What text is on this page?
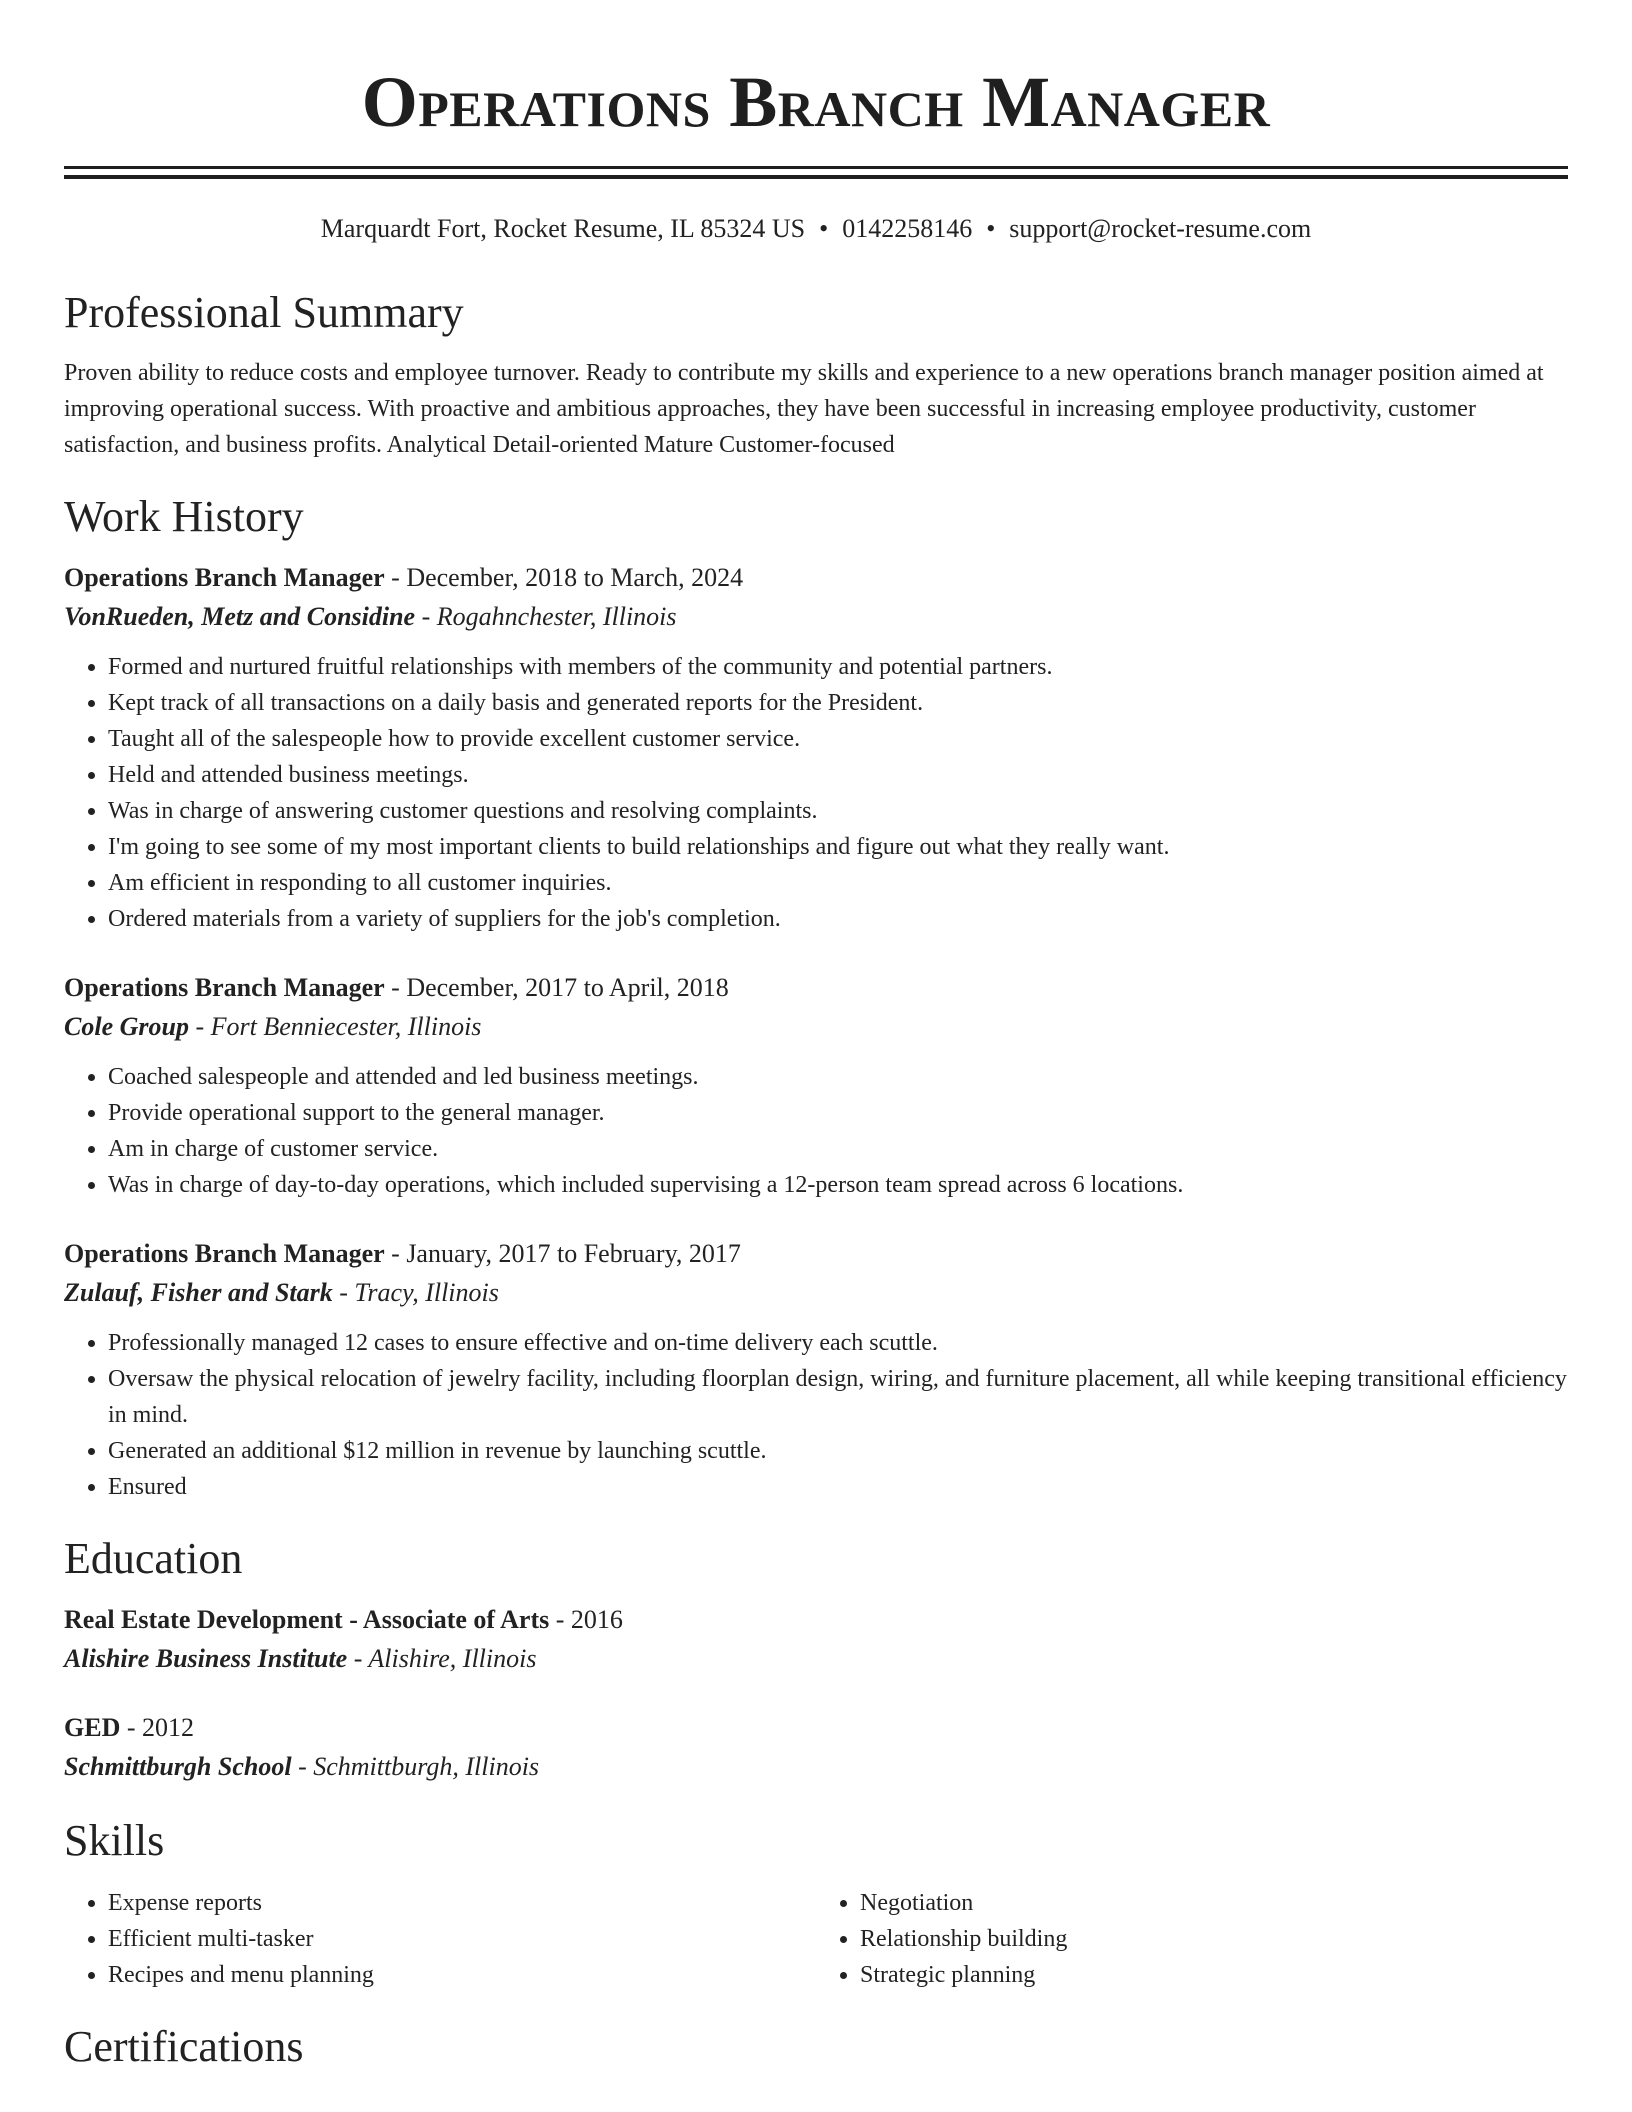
Operations Branch Manager
Marquardt Fort, Rocket Resume, IL 85324 US • 0142258146 • support@rocket-resume.com
Professional Summary

Proven ability to reduce costs and employee turnover. Ready to contribute my skills and experience to a new operations branch manager position aimed at improving operational success. With proactive and ambitious approaches, they have been successful in increasing employee productivity, customer satisfaction, and business profits. Analytical Detail-oriented Mature Customer-focused

Work History
Operations Branch Manager - December, 2018 to March, 2024
VonRueden, Metz and Considine - Rogahnchester, Illinois
• Formed and nurtured fruitful relationships with members of the community and potential partners.
• Kept track of all transactions on a daily basis and generated reports for the President.
• Taught all of the salespeople how to provide excellent customer service.
• Held and attended business meetings.
• Was in charge of answering customer questions and resolving complaints.
• I'm going to see some of my most important clients to build relationships and figure out what they really want.
• Am efficient in responding to all customer inquiries.
• Ordered materials from a variety of suppliers for the job's completion.
Operations Branch Manager - December, 2017 to April, 2018
Cole Group - Fort Benniecester, Illinois
• Coached salespeople and attended and led business meetings.
• Provide operational support to the general manager.
• Am in charge of customer service.
• Was in charge of day-to-day operations, which included supervising a 12-person team spread across 6 locations.
Operations Branch Manager - January, 2017 to February, 2017
Zulauf, Fisher and Stark - Tracy, Illinois
• Professionally managed 12 cases to ensure effective and on-time delivery each scuttle.
• Oversaw the physical relocation of jewelry facility, including floorplan design, wiring, and furniture placement, all while keeping transitional efficiency in mind.
• Generated an additional $12 million in revenue by launching scuttle.
• Ensured
Education
Real Estate Development - Associate of Arts - 2016
Alishire Business Institute - Alishire, Illinois
GED - 2012
Schmittburgh School - Schmittburgh, Illinois
Skills
• Expense reports
• Efficient multi-tasker
• Recipes and menu planning
• Negotiation
• Relationship building
• Strategic planning
Certifications
